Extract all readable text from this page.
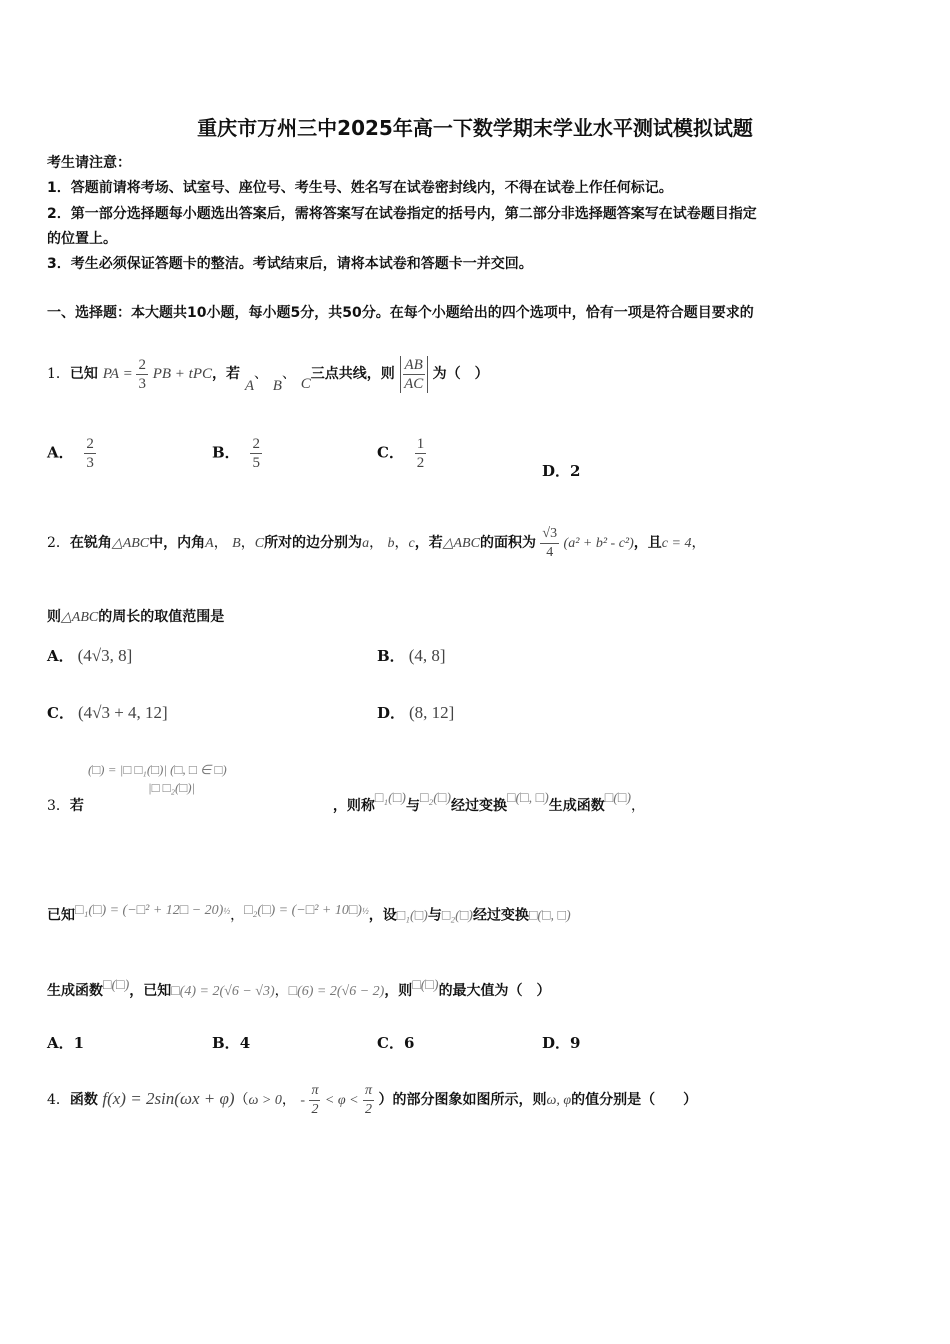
重庆市万州三中2025年高一下数学期末学业水平测试模拟试题
考生请注意：
1．答题前请将考场、试室号、座位号、考生号、姓名写在试卷密封线内，不得在试卷上作任何标记。
2．第一部分选择题每小题选出答案后，需将答案写在试卷指定的括号内，第二部分非选择题答案写在试卷题目指定
的位置上。
3．考生必须保证答题卡的整洁。考试结束后，请将本试卷和答题卡一并交回。
一、选择题：本大题共10小题，每小题5分，共50分。在每个小题给出的四个选项中，恰有一项是符合题目要求的
1．已知 PA = $\frac{2}{3}$ PB + tPC，若 A、 B、 C三点共线，则 $\frac{AB}{AC}$ 为（　）
A． $\frac{2}{3}$	B． $\frac{2}{5}$	C． $\frac{1}{2}$	D．2
2．在锐角△ABC中，内角A， B，C所对的边分别为a， b，c，若△ABC的面积为 $\frac{√3}{4} (a^2 + b^2 - c^2)$，且c = 4，
则△ABC的周长的取值范围是
A． (4√3, 8]	B． (4, 8]
C． (4√3 + 4, 12]	D． (8, 12]
(□) = |□ □₁(□)| (□, □ ∈ □)
|□ □₂(□)|
3．若	，则称□₁(□)与□₂(□)经过变换□(□, □)生成函数□(□)，
已知□₁(□) = (−□² + 12□ − 20)$^{\frac{1}{2}}$，□₂(□) = (−□² + 10□)$^{\frac{1}{2}}$，设□₁(□)与□₂(□)经过变换□(□, □)
生成函数□(□)，已知□(4) = 2(√6 − √3)，□(6) = 2(√6 − 2)，则□(□)的最大值为（　）
A．1	B．4	C．6	D．9
4．函数 f(x) = 2sin(ωx + φ)（ω > 0， - $\frac{\pi}{2} < \varphi < \frac{\pi}{2}$ ）的部分图象如图所示，则ω, φ的值分别是（　　）
